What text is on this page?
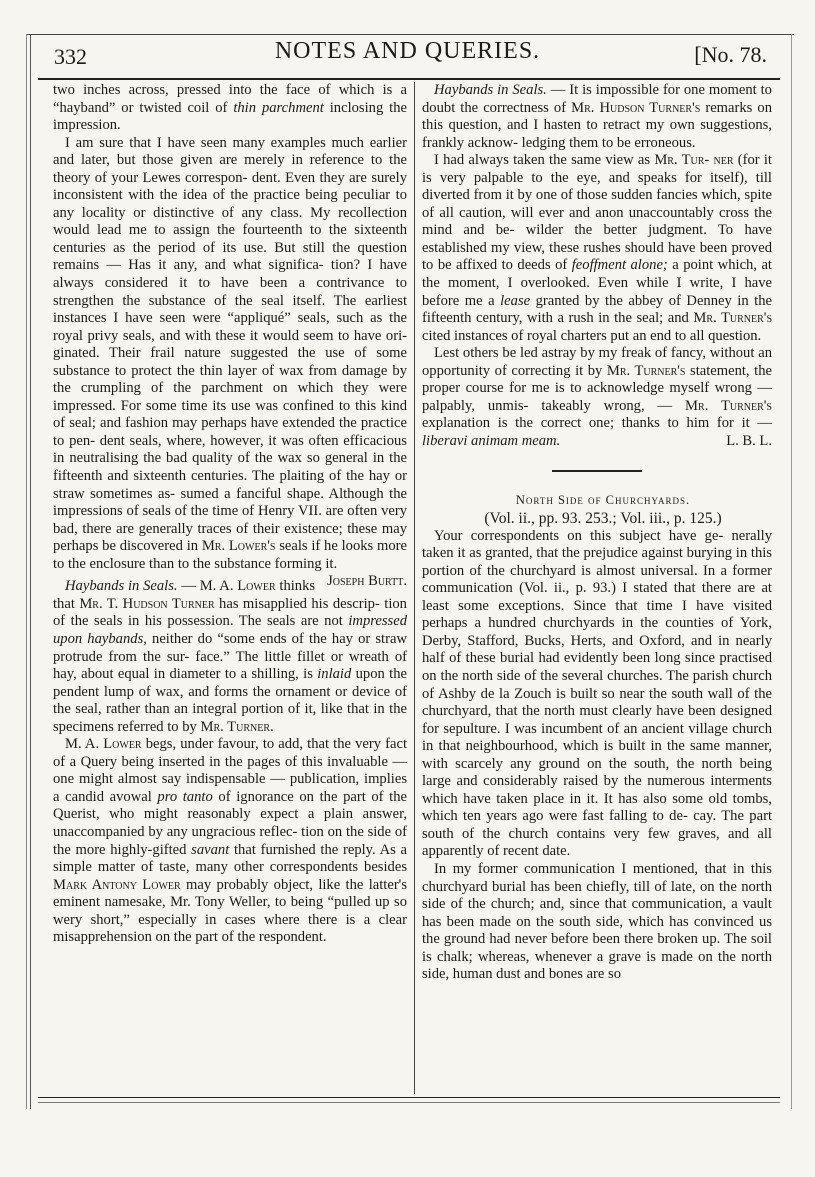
332	NOTES AND QUERIES.	[No. 78.

two inches across, pressed into the face of which is a “hayband” or twisted coil of thin parchment inclosing the impression.

I am sure that I have seen many examples much earlier and later, but those given are merely in reference to the theory of your Lewes correspon- dent. Even they are surely inconsistent with the idea of the practice being peculiar to any locality or distinctive of any class. My recollection would lead me to assign the fourteenth to the sixteenth centuries as the period of its use. But still the question remains — Has it any, and what significa- tion? I have always considered it to have been a contrivance to strengthen the substance of the seal itself. The earliest instances I have seen were “appliqué” seals, such as the royal privy seals, and with these it would seem to have ori- ginated. Their frail nature suggested the use of some substance to protect the thin layer of wax from damage by the crumpling of the parchment on which they were impressed. For some time its use was confined to this kind of seal; and fashion may perhaps have extended the practice to pen- dent seals, where, however, it was often efficacious in neutralising the bad quality of the wax so general in the fifteenth and sixteenth centuries. The plaiting of the hay or straw sometimes as- sumed a fanciful shape. Although the impressions of seals of the time of Henry VII. are often very bad, there are generally traces of their existence; these may perhaps be discovered in Mr. Lower's seals if he looks more to the enclosure than to the substance forming it.
Joseph Burtt.

Haybands in Seals. — M. A. Lower thinks that Mr. T. Hudson Turner has misapplied his descrip- tion of the seals in his possession. The seals are not impressed upon haybands, neither do “some ends of the hay or straw protrude from the sur- face.” The little fillet or wreath of hay, about equal in diameter to a shilling, is inlaid upon the pendent lump of wax, and forms the ornament or device of the seal, rather than an integral portion of it, like that in the specimens referred to by Mr. Turner.

M. A. Lower begs, under favour, to add, that the very fact of a Query being inserted in the pages of this invaluable — one might almost say indispensable — publication, implies a candid avowal pro tanto of ignorance on the part of the Querist, who might reasonably expect a plain answer, unaccompanied by any ungracious reflec- tion on the side of the more highly-gifted savant that furnished the reply. As a simple matter of taste, many other correspondents besides Mark Antony Lower may probably object, like the latter's eminent namesake, Mr. Tony Weller, to being “pulled up so wery short,” especially in cases where there is a clear misapprehension on the part of the respondent.

Haybands in Seals. — It is impossible for one moment to doubt the correctness of Mr. Hudson Turner's remarks on this question, and I hasten to retract my own suggestions, frankly acknow- ledging them to be erroneous.

I had always taken the same view as Mr. Tur- ner (for it is very palpable to the eye, and speaks for itself), till diverted from it by one of those sudden fancies which, spite of all caution, will ever and anon unaccountably cross the mind and be- wilder the better judgment. To have established my view, these rushes should have been proved to be affixed to deeds of feoffment alone; a point which, at the moment, I overlooked. Even while I write, I have before me a lease granted by the abbey of Denney in the fifteenth century, with a rush in the seal; and Mr. Turner's cited instances of royal charters put an end to all question.

Lest others be led astray by my freak of fancy, without an opportunity of correcting it by Mr. Turner's statement, the proper course for me is to acknowledge myself wrong — palpably, unmis- takeably wrong, — Mr. Turner's explanation is the correct one; thanks to him for it — liberavi animam meam.	L. B. L.

North Side of Churchyards.

(Vol. ii., pp. 93. 253.; Vol. iii., p. 125.)

Your correspondents on this subject have ge- nerally taken it as granted, that the prejudice against burying in this portion of the churchyard is almost universal. In a former communication (Vol. ii., p. 93.) I stated that there are at least some exceptions. Since that time I have visited perhaps a hundred churchyards in the counties of York, Derby, Stafford, Bucks, Herts, and Oxford, and in nearly half of these burial had evidently been long since practised on the north side of the several churches. The parish church of Ashby de la Zouch is built so near the south wall of the churchyard, that the north must clearly have been designed for sepulture. I was incumbent of an ancient village church in that neighbourhood, which is built in the same manner, with scarcely any ground on the south, the north being large and considerably raised by the numerous interments which have taken place in it. It has also some old tombs, which ten years ago were fast falling to de- cay. The part south of the church contains very few graves, and all apparently of recent date.

In my former communication I mentioned, that in this churchyard burial has been chiefly, till of late, on the north side of the church; and, since that communication, a vault has been made on the south side, which has convinced us the ground had never before been there broken up. The soil is chalk; whereas, whenever a grave is made on the north side, human dust and bones are so
